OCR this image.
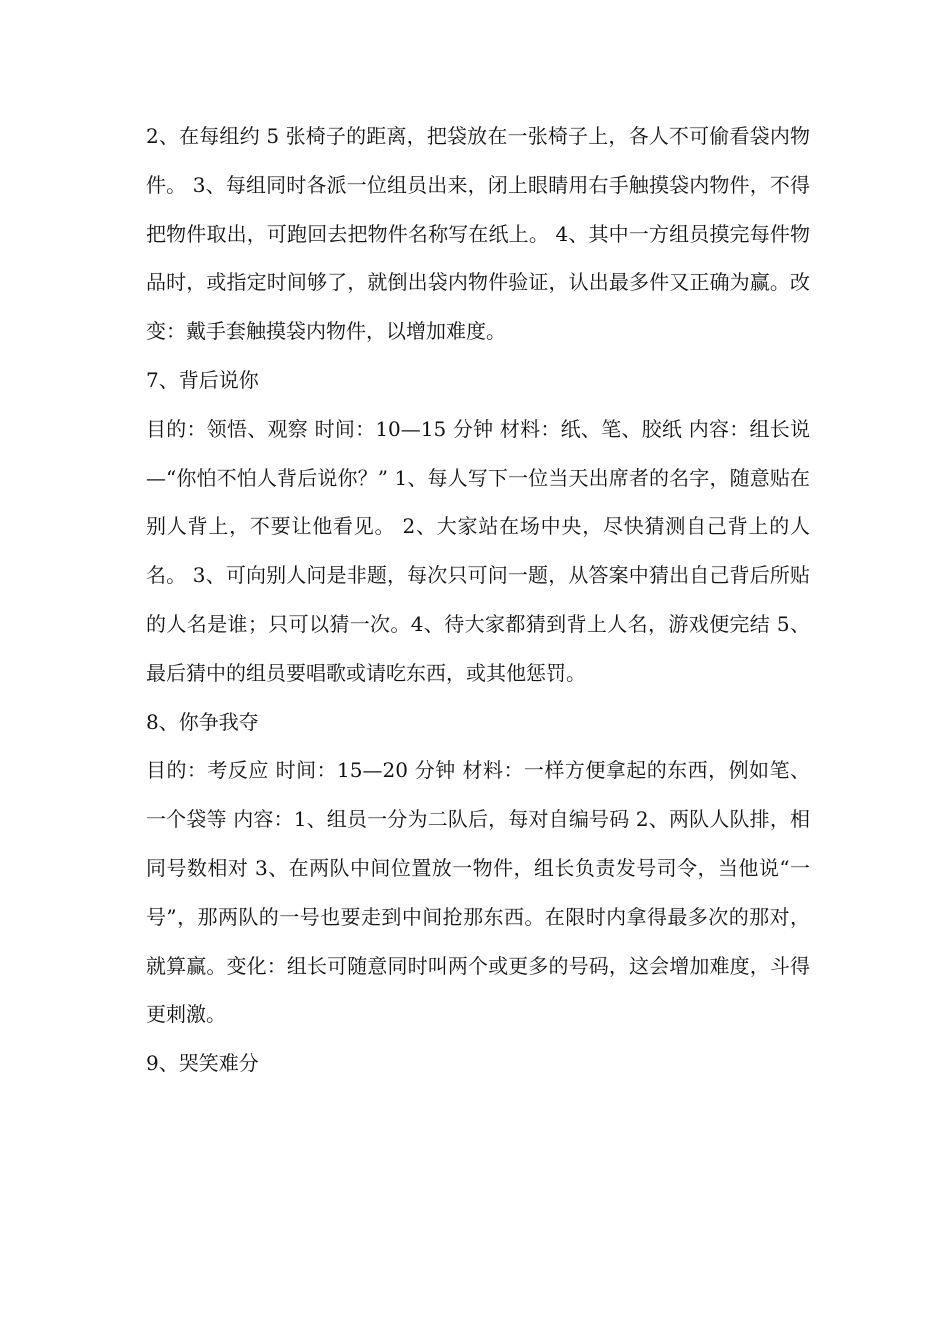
2、在每组约 5 张椅子的距离，把袋放在一张椅子上，各人不可偷看袋内物件。 3、每组同时各派一位组员出来，闭上眼睛用右手触摸袋内物件，不得把物件取出，可跑回去把物件名称写在纸上。 4、其中一方组员摸完每件物品时，或指定时间够了，就倒出袋内物件验证，认出最多件又正确为赢。改变：戴手套触摸袋内物件，以增加难度。

7、背后说你

目的：领悟、观察 时间：10—15 分钟 材料：纸、笔、胶纸 内容：组长说—“你怕不怕人背后说你？” 1、每人写下一位当天出席者的名字，随意贴在别人背上，不要让他看见。 2、大家站在场中央，尽快猜测自己背上的人名。 3、可向别人问是非题，每次只可问一题，从答案中猜出自己背后所贴的人名是谁；只可以猜一次。4、待大家都猜到背上人名，游戏便完结 5、最后猜中的组员要唱歌或请吃东西，或其他惩罚。

8、你争我夺

目的：考反应 时间：15—20 分钟 材料：一样方便拿起的东西，例如笔、一个袋等 内容：1、组员一分为二队后，每对自编号码 2、两队人队排，相同号数相对 3、在两队中间位置放一物件，组长负责发号司令，当他说“一号”，那两队的一号也要走到中间抢那东西。在限时内拿得最多次的那对，就算赢。变化：组长可随意同时叫两个或更多的号码，这会增加难度，斗得更刺激。

9、哭笑难分
